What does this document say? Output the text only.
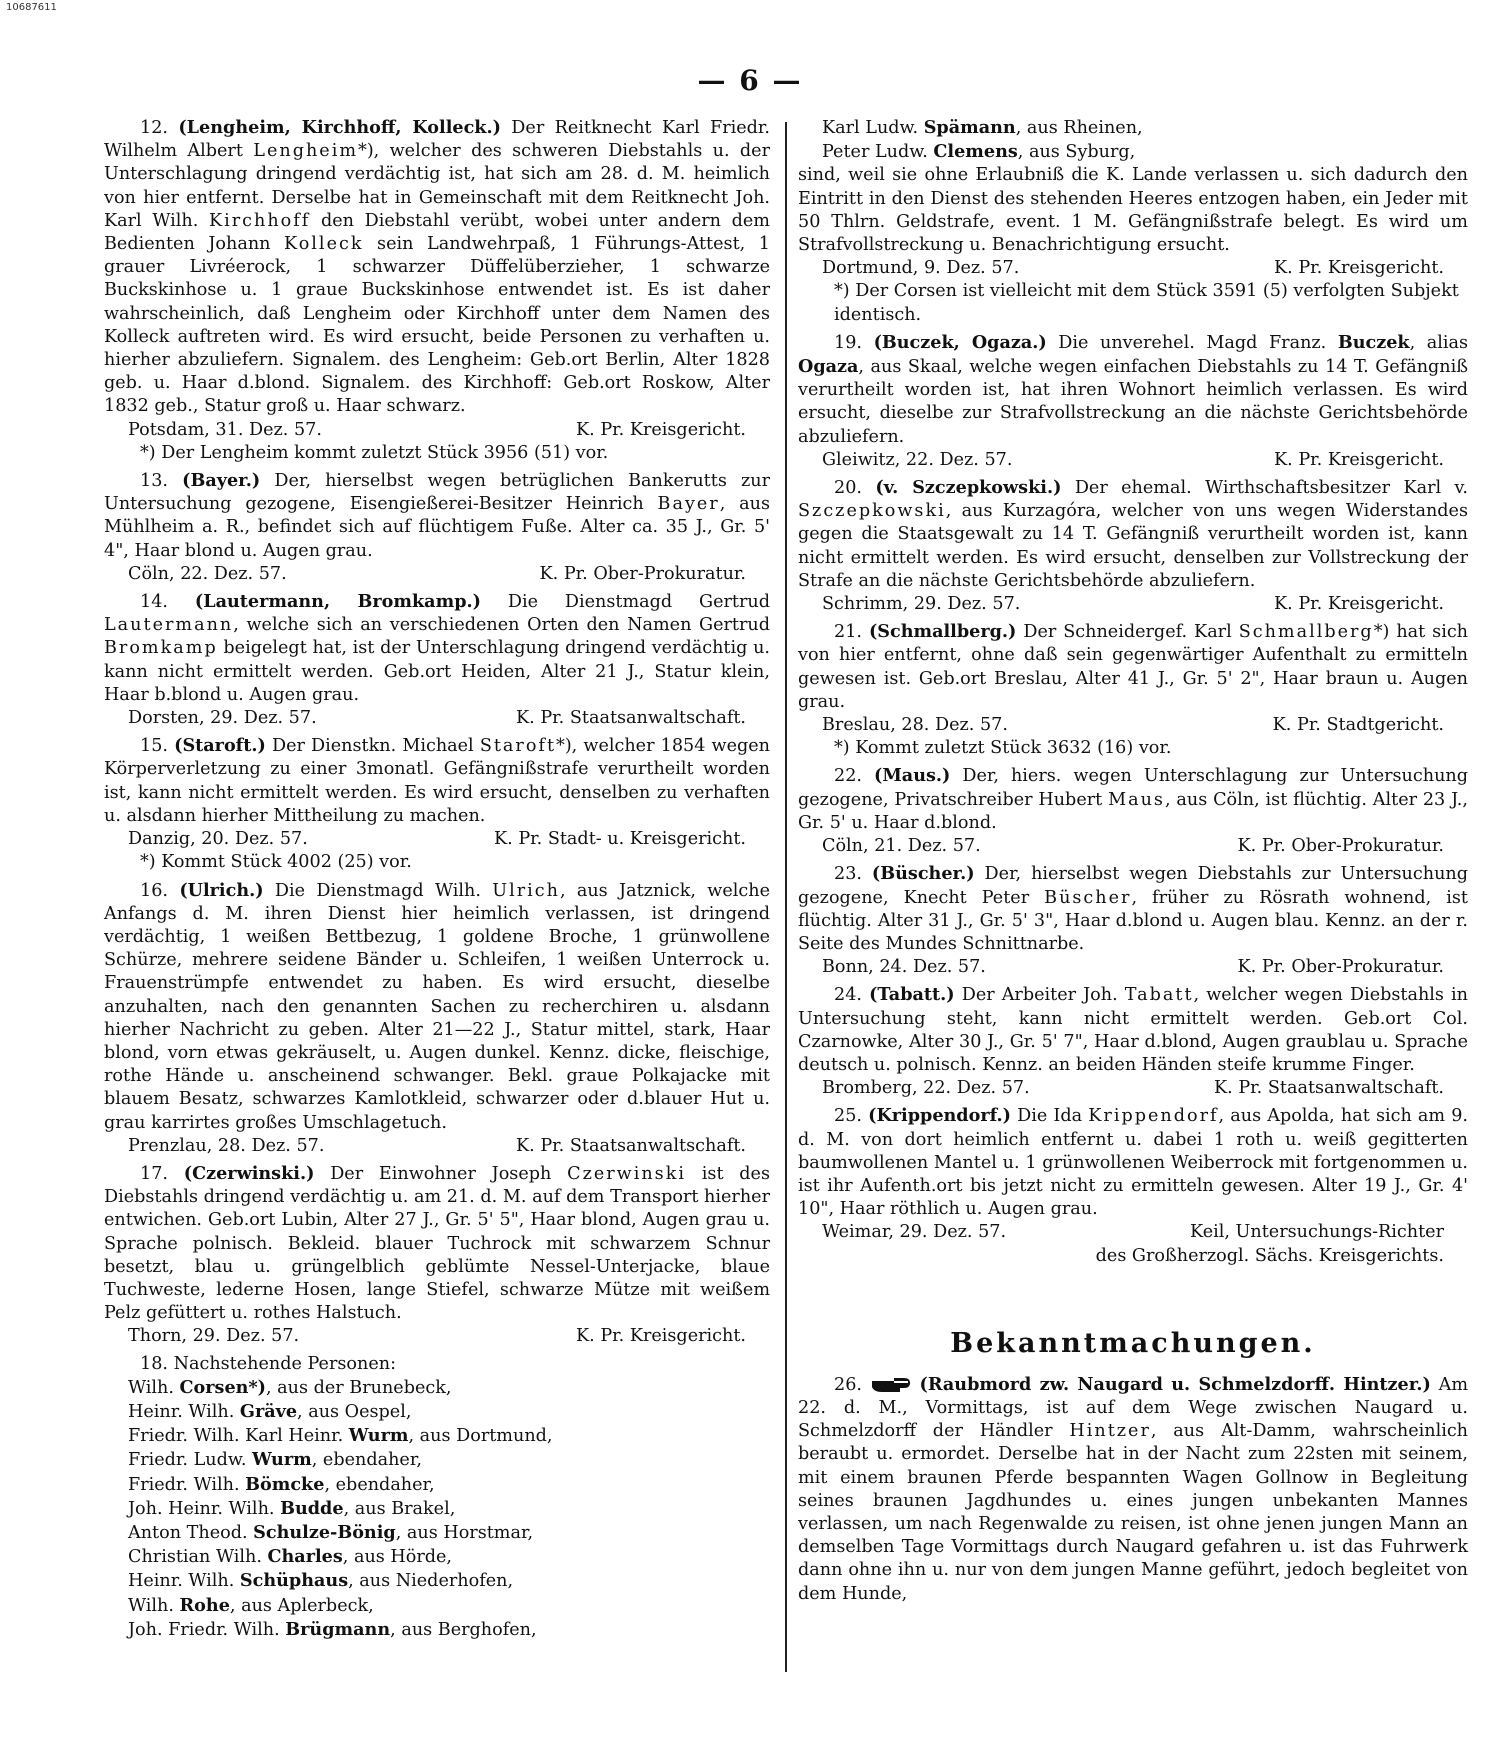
10687611
— 6 —

12. (Lengheim, Kirchhoff, Kolleck.) Der Reitknecht Karl Friedr. Wilhelm Albert Lengheim*), welcher des schweren Diebstahls u. der Unterschlagung dringend verdächtig ist, hat sich am 28. d. M. heimlich von hier entfernt. Derselbe hat in Gemeinschaft mit dem Reitknecht Joh. Karl Wilh. Kirchhoff den Diebstahl verübt, wobei unter andern dem Bedienten Johann Kolleck sein Landwehrpaß, 1 Führungs-Attest, 1 grauer Livréerock, 1 schwarzer Düffelüberzieher, 1 schwarze Buckskinhose u. 1 graue Buckskinhose entwendet ist. Es ist daher wahrscheinlich, daß Lengheim oder Kirchhoff unter dem Namen des Kolleck auftreten wird. Es wird ersucht, beide Personen zu verhaften u. hierher abzuliefern. Signalem. des Lengheim: Geb.ort Berlin, Alter 1828 geb. u. Haar d.blond. Signalem. des Kirchhoff: Geb.ort Roskow, Alter 1832 geb., Statur groß u. Haar schwarz.

Potsdam, 31. Dez. 57.	K. Pr. Kreisgericht.
*) Der Lengheim kommt zuletzt Stück 3956 (51) vor.

13. (Bayer.) Der, hierselbst wegen betrüglichen Bankerutts zur Untersuchung gezogene, Eisengießerei-Besitzer Heinrich Bayer, aus Mühlheim a. R., befindet sich auf flüchtigem Fuße. Alter ca. 35 J., Gr. 5' 4", Haar blond u. Augen grau.

Cöln, 22. Dez. 57.	K. Pr. Ober-Prokuratur.

14. (Lautermann, Bromkamp.) Die Dienstmagd Gertrud Lautermann, welche sich an verschiedenen Orten den Namen Gertrud Bromkamp beigelegt hat, ist der Unterschlagung dringend verdächtig u. kann nicht ermittelt werden. Geb.ort Heiden, Alter 21 J., Statur klein, Haar b.blond u. Augen grau.

Dorsten, 29. Dez. 57.	K. Pr. Staatsanwaltschaft.

15. (Staroft.) Der Dienstkn. Michael Staroft*), welcher 1854 wegen Körperverletzung zu einer 3monatl. Gefängnißstrafe verurtheilt worden ist, kann nicht ermittelt werden. Es wird ersucht, denselben zu verhaften u. alsdann hierher Mittheilung zu machen.

Danzig, 20. Dez. 57.	K. Pr. Stadt- u. Kreisgericht.
*) Kommt Stück 4002 (25) vor.

16. (Ulrich.) Die Dienstmagd Wilh. Ulrich, aus Jatznick, welche Anfangs d. M. ihren Dienst hier heimlich verlassen, ist dringend verdächtig, 1 weißen Bettbezug, 1 goldene Broche, 1 grünwollene Schürze, mehrere seidene Bänder u. Schleifen, 1 weißen Unterrock u. Frauenstrümpfe entwendet zu haben. Es wird ersucht, dieselbe anzuhalten, nach den genannten Sachen zu recherchiren u. alsdann hierher Nachricht zu geben. Alter 21—22 J., Statur mittel, stark, Haar blond, vorn etwas gekräuselt, u. Augen dunkel. Kennz. dicke, fleischige, rothe Hände u. anscheinend schwanger. Bekl. graue Polkajacke mit blauem Besatz, schwarzes Kamlotkleid, schwarzer oder d.blauer Hut u. grau karrirtes großes Umschlagetuch.

Prenzlau, 28. Dez. 57.	K. Pr. Staatsanwaltschaft.

17. (Czerwinski.) Der Einwohner Joseph Czerwinski ist des Diebstahls dringend verdächtig u. am 21. d. M. auf dem Transport hierher entwichen. Geb.ort Lubin, Alter 27 J., Gr. 5' 5", Haar blond, Augen grau u. Sprache polnisch. Bekleid. blauer Tuchrock mit schwarzem Schnur besetzt, blau u. grüngelblich geblümte Nessel-Unterjacke, blaue Tuchweste, lederne Hosen, lange Stiefel, schwarze Mütze mit weißem Pelz gefüttert u. rothes Halstuch.

Thorn, 29. Dez. 57.	K. Pr. Kreisgericht.

18. Nachstehende Personen:

Wilh. Corsen*), aus der Brunebeck,

Heinr. Wilh. Gräve, aus Oespel,

Friedr. Wilh. Karl Heinr. Wurm, aus Dortmund,

Friedr. Ludw. Wurm, ebendaher,

Friedr. Wilh. Bömcke, ebendaher,

Joh. Heinr. Wilh. Budde, aus Brakel,

Anton Theod. Schulze-Bönig, aus Horstmar,

Christian Wilh. Charles, aus Hörde,

Heinr. Wilh. Schüphaus, aus Niederhofen,

Wilh. Rohe, aus Aplerbeck,

Joh. Friedr. Wilh. Brügmann, aus Berghofen,

Karl Ludw. Spämann, aus Rheinen,

Peter Ludw. Clemens, aus Syburg,

sind, weil sie ohne Erlaubniß die K. Lande verlassen u. sich dadurch den Eintritt in den Dienst des stehenden Heeres entzogen haben, ein Jeder mit 50 Thlrn. Geldstrafe, event. 1 M. Gefängnißstrafe belegt. Es wird um Strafvollstreckung u. Benachrichtigung ersucht.

Dortmund, 9. Dez. 57.	K. Pr. Kreisgericht.
*) Der Corsen ist vielleicht mit dem Stück 3591 (5) verfolgten Subjekt identisch.

19. (Buczek, Ogaza.) Die unverehel. Magd Franz. Buczek, alias Ogaza, aus Skaal, welche wegen einfachen Diebstahls zu 14 T. Gefängniß verurtheilt worden ist, hat ihren Wohnort heimlich verlassen. Es wird ersucht, dieselbe zur Strafvollstreckung an die nächste Gerichtsbehörde abzuliefern.

Gleiwitz, 22. Dez. 57.	K. Pr. Kreisgericht.

20. (v. Szczepkowski.) Der ehemal. Wirthschaftsbesitzer Karl v. Szczepkowski, aus Kurzagóra, welcher von uns wegen Widerstandes gegen die Staatsgewalt zu 14 T. Gefängniß verurtheilt worden ist, kann nicht ermittelt werden. Es wird ersucht, denselben zur Vollstreckung der Strafe an die nächste Gerichtsbehörde abzuliefern.

Schrimm, 29. Dez. 57.	K. Pr. Kreisgericht.

21. (Schmallberg.) Der Schneidergef. Karl Schmallberg*) hat sich von hier entfernt, ohne daß sein gegenwärtiger Aufenthalt zu ermitteln gewesen ist. Geb.ort Breslau, Alter 41 J., Gr. 5' 2", Haar braun u. Augen grau.

Breslau, 28. Dez. 57.	K. Pr. Stadtgericht.
*) Kommt zuletzt Stück 3632 (16) vor.

22. (Maus.) Der, hiers. wegen Unterschlagung zur Untersuchung gezogene, Privatschreiber Hubert Maus, aus Cöln, ist flüchtig. Alter 23 J., Gr. 5' u. Haar d.blond.

Cöln, 21. Dez. 57.	K. Pr. Ober-Prokuratur.

23. (Büscher.) Der, hierselbst wegen Diebstahls zur Untersuchung gezogene, Knecht Peter Büscher, früher zu Rösrath wohnend, ist flüchtig. Alter 31 J., Gr. 5' 3", Haar d.blond u. Augen blau. Kennz. an der r. Seite des Mundes Schnittnarbe.

Bonn, 24. Dez. 57.	K. Pr. Ober-Prokuratur.

24. (Tabatt.) Der Arbeiter Joh. Tabatt, welcher wegen Diebstahls in Untersuchung steht, kann nicht ermittelt werden. Geb.ort Col. Czarnowke, Alter 30 J., Gr. 5' 7", Haar d.blond, Augen graublau u. Sprache deutsch u. polnisch. Kennz. an beiden Händen steife krumme Finger.

Bromberg, 22. Dez. 57.	K. Pr. Staatsanwaltschaft.

25. (Krippendorf.) Die Ida Krippendorf, aus Apolda, hat sich am 9. d. M. von dort heimlich entfernt u. dabei 1 roth u. weiß gegitterten baumwollenen Mantel u. 1 grünwollenen Weiberrock mit fortgenommen u. ist ihr Aufenth.ort bis jetzt nicht zu ermitteln gewesen. Alter 19 J., Gr. 4' 10", Haar röthlich u. Augen grau.

Weimar, 29. Dez. 57.	Keil, Untersuchungs-Richter
des Großherzogl. Sächs. Kreisgerichts.
Bekanntmachungen.

26.	(Raubmord zw. Naugard u. Schmelzdorff. Hintzer.) Am 22. d. M., Vormittags, ist auf dem Wege zwischen Naugard u. Schmelzdorff der Händler Hintzer, aus Alt-Damm, wahrscheinlich beraubt u. ermordet. Derselbe hat in der Nacht zum 22sten mit seinem, mit einem braunen Pferde bespannten Wagen Gollnow in Begleitung seines braunen Jagdhundes u. eines jungen unbekanten Mannes verlassen, um nach Regenwalde zu reisen, ist ohne jenen jungen Mann an demselben Tage Vormittags durch Naugard gefahren u. ist das Fuhrwerk dann ohne ihn u. nur von dem jungen Manne geführt, jedoch begleitet von dem Hunde,
